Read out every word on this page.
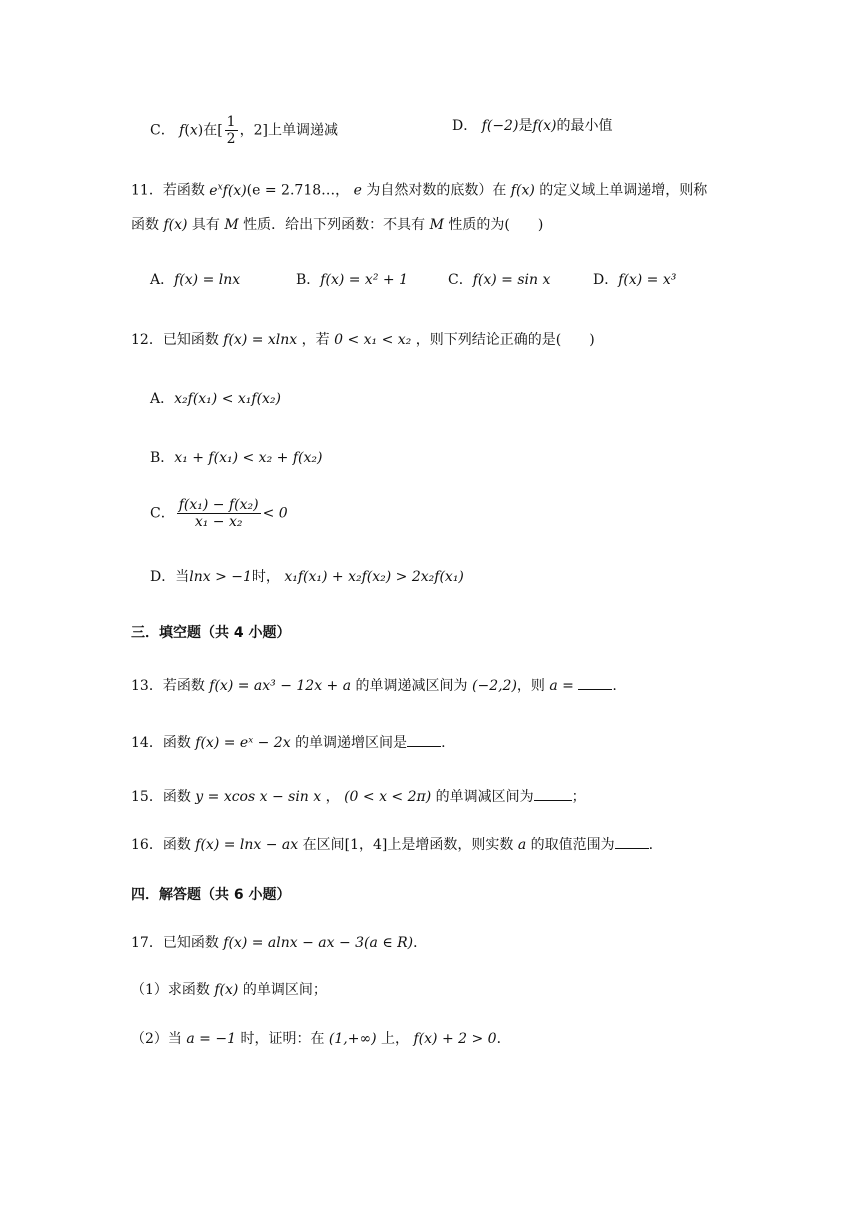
C． f(x)在[ $\frac{1}{2}$ ，2]上单调递减	D． f(−2)是f(x)的最小值
11．若函数 $e^xf(x)(e$ = 2.718…， e 为自然对数的底数）在 f(x) 的定义域上单调递增，则称
函数 f(x) 具有 M 性质．给出下列函数：不具有 M 性质的为(　　)
A．f(x) = lnx	B．f(x) = x² + 1	C．f(x) = sin x	D．f(x) = x³
12．已知函数 f(x) = xlnx ，若 0 < x₁ < x₂ ，则下列结论正确的是(　　)
A．x₂f(x₁) < x₁f(x₂)
B．x₁ + f(x₁) < x₂ + f(x₂)
C． $\frac{\text{f(x₁) − f(x₂)}}{\text{x₁ − x₂}} < 0$
D．当lnx > −1时， x₁f(x₁) + x₂f(x₂) > 2x₂f(x₁)
三．填空题（共 4 小题）
13．若函数 f(x) = ax³ − 12x + a 的单调递减区间为 (−2,2)，则 a =	.
14．函数 f(x) = eˣ − 2x 的单调递增区间是 .
15．函数 y = xcos x − sin x ， (0 < x < 2π) 的单调减区间为	；
16．函数 f(x) = lnx − ax 在区间[1，4]上是增函数，则实数 a 的取值范围为 .
四．解答题（共 6 小题）
17．已知函数 f(x) = alnx − ax − 3(a ∈ R)．
（1）求函数 f(x) 的单调区间；
（2）当 a = −1 时，证明：在 (1,+∞) 上， f(x) + 2 > 0．
